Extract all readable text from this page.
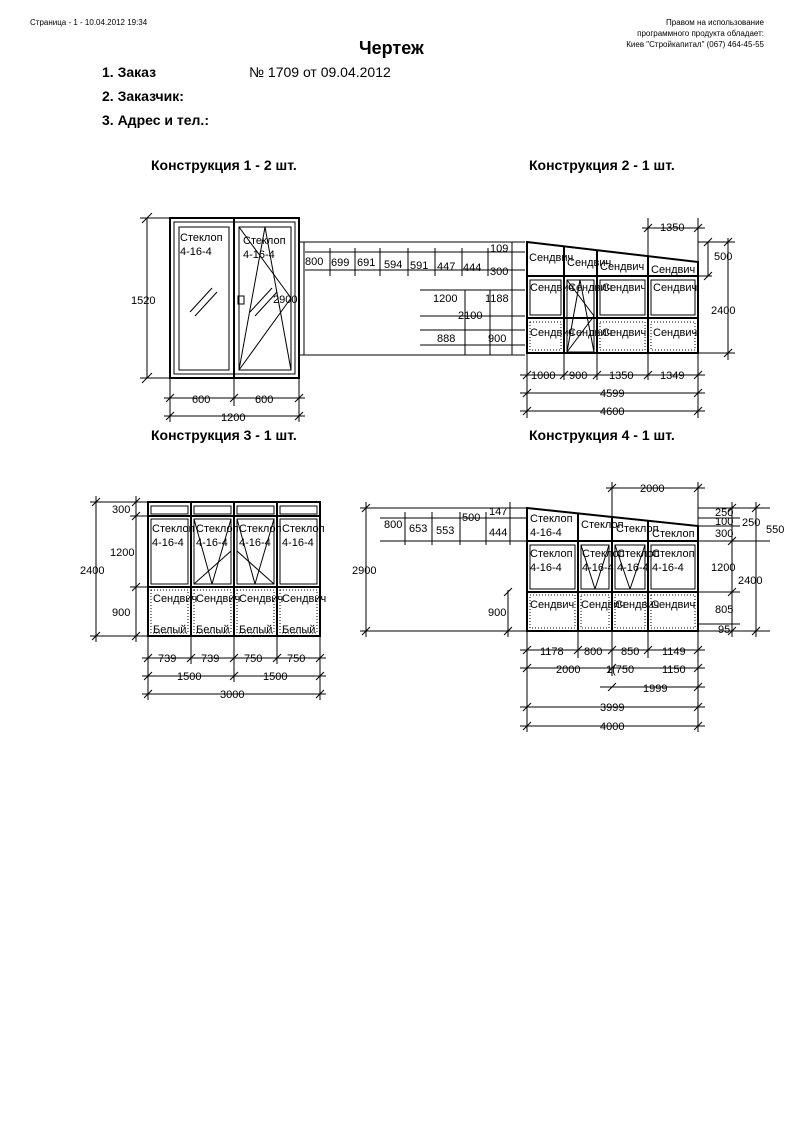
Страница - 1 - 10.04.2012 19:34	Правом на использование
программного продукта обладает:
Киев "Стройкапитал" (067) 464-45-55
Чертеж
1. Заказ	№ 1709 от 09.04.2012
2. Заказчик:
3. Адрес и тел.:
Конструкция 1 - 2 шт.	Конструкция 2 - 1 шт.
Конструкция 3 - 1 шт.	Конструкция 4 - 1 шт.
Стеклоп
4-16-4
Стеклоп
4-16-4
1520	2900
600	600
1200
800 699 691 594 591 447 444
109
300
1200	1188
2100
888	900
1350
500
2400
Сендвич
Сендвич
Сендвич Сендвич
Сендвич
Сендвич
Сендвич Сендвич
Сендвич
Сендвич
Сендвич Сендвич
1000 900 1350 1349
4599
4600
300
1200
2400
900
Стеклоп
4-16-4
Стеклоп
4-16-4
Стеклоп
4-16-4
Стеклоп
4-16-4
Сендвич
Сендвич
Сендвич
Сендвич
Белый Белый Белый Белый
739 739 750 750
1500	1500
3000
2000
250
100 250
300	550
1200
2400
805
95
2900
900
800 653 553
500 147
444
Стеклоп
4-16-4
Стеклоп
Стеклоп
Стеклоп
Стеклоп
4-16-4
Стеклоп
4-16-4
Стеклоп
4-16-4
Стеклоп
4-16-4
Сендвич Сендвич
Сендвич
Сендвич
1178 800 850 1149
2000 1(750	1150
1999
3999
4000
